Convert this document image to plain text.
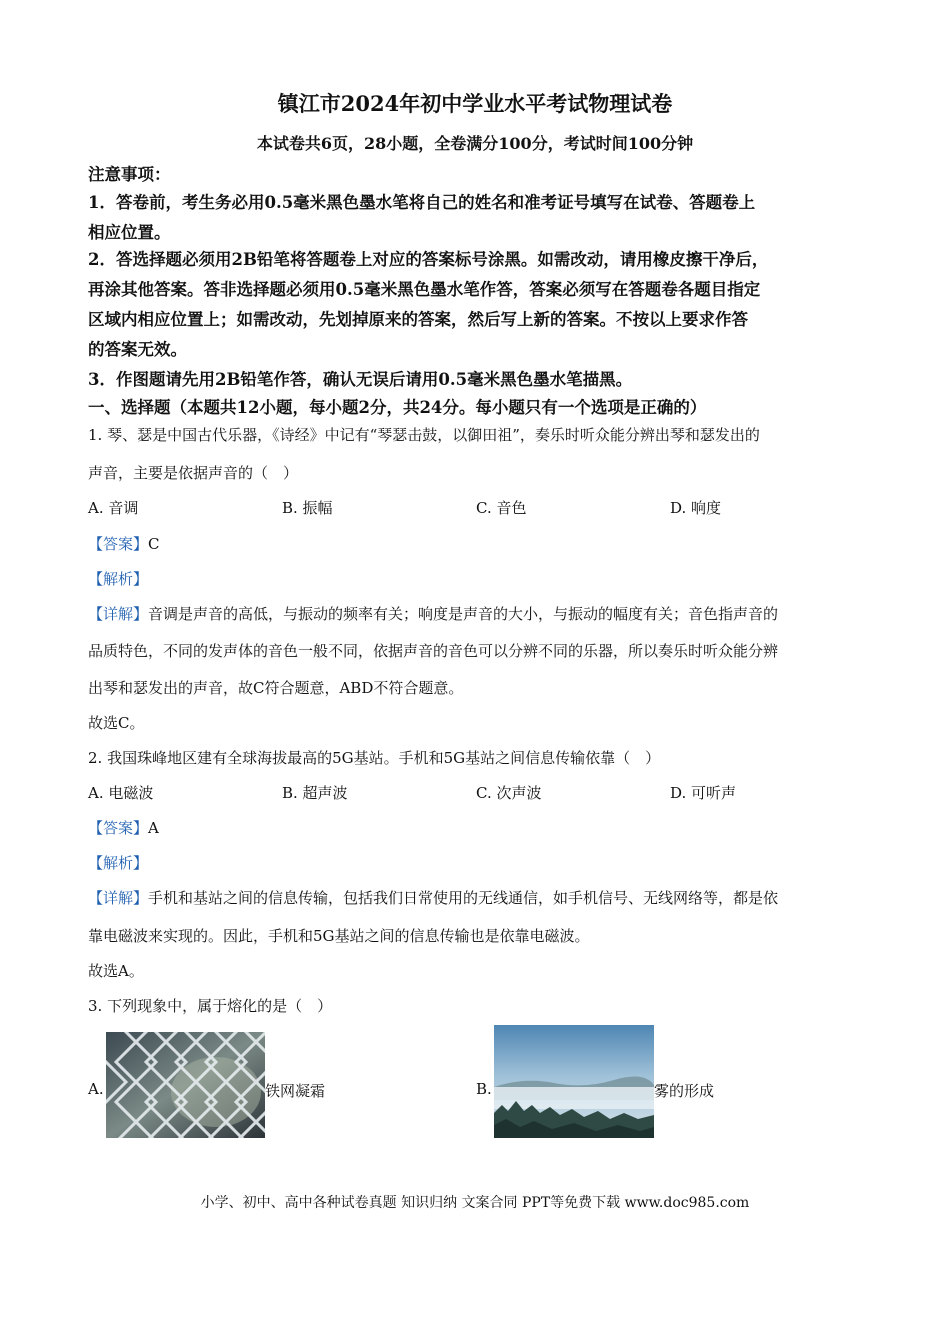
镇江市2024年初中学业水平考试物理试卷
本试卷共6页，28小题，全卷满分100分，考试时间100分钟
注意事项：
1．答卷前，考生务必用0.5毫米黑色墨水笔将自己的姓名和准考证号填写在试卷、答题卷上
相应位置。
2．答选择题必须用2B铅笔将答题卷上对应的答案标号涂黑。如需改动，请用橡皮擦干净后，
再涂其他答案。答非选择题必须用0.5毫米黑色墨水笔作答，答案必须写在答题卷各题目指定
区域内相应位置上；如需改动，先划掉原来的答案，然后写上新的答案。不按以上要求作答
的答案无效。
3．作图题请先用2B铅笔作答，确认无误后请用0.5毫米黑色墨水笔描黑。
一、选择题（本题共12小题，每小题2分，共24分。每小题只有一个选项是正确的）
1. 琴、瑟是中国古代乐器，《诗经》中记有“琴瑟击鼓，以御田祖”，奏乐时听众能分辨出琴和瑟发出的
声音，主要是依据声音的（　）
A. 音调	B. 振幅	C. 音色	D. 响度
【答案】C
【解析】
【详解】音调是声音的高低，与振动的频率有关；响度是声音的大小，与振动的幅度有关；音色指声音的
品质特色，不同的发声体的音色一般不同，依据声音的音色可以分辨不同的乐器，所以奏乐时听众能分辨
出琴和瑟发出的声音，故C符合题意，ABD不符合题意。
故选C。
2. 我国珠峰地区建有全球海拔最高的5G基站。手机和5G基站之间信息传输依靠（　）
A. 电磁波	B. 超声波	C. 次声波	D. 可听声
【答案】A
【解析】
【详解】手机和基站之间的信息传输，包括我们日常使用的无线通信，如手机信号、无线网络等，都是依
靠电磁波来实现的。因此，手机和5G基站之间的信息传输也是依靠电磁波。
故选A。
3. 下列现象中，属于熔化的是（　）
A.	铁网凝霜	B.	雾的形成
小学、初中、高中各种试卷真题 知识归纳 文案合同 PPT等免费下载 www.doc985.com
